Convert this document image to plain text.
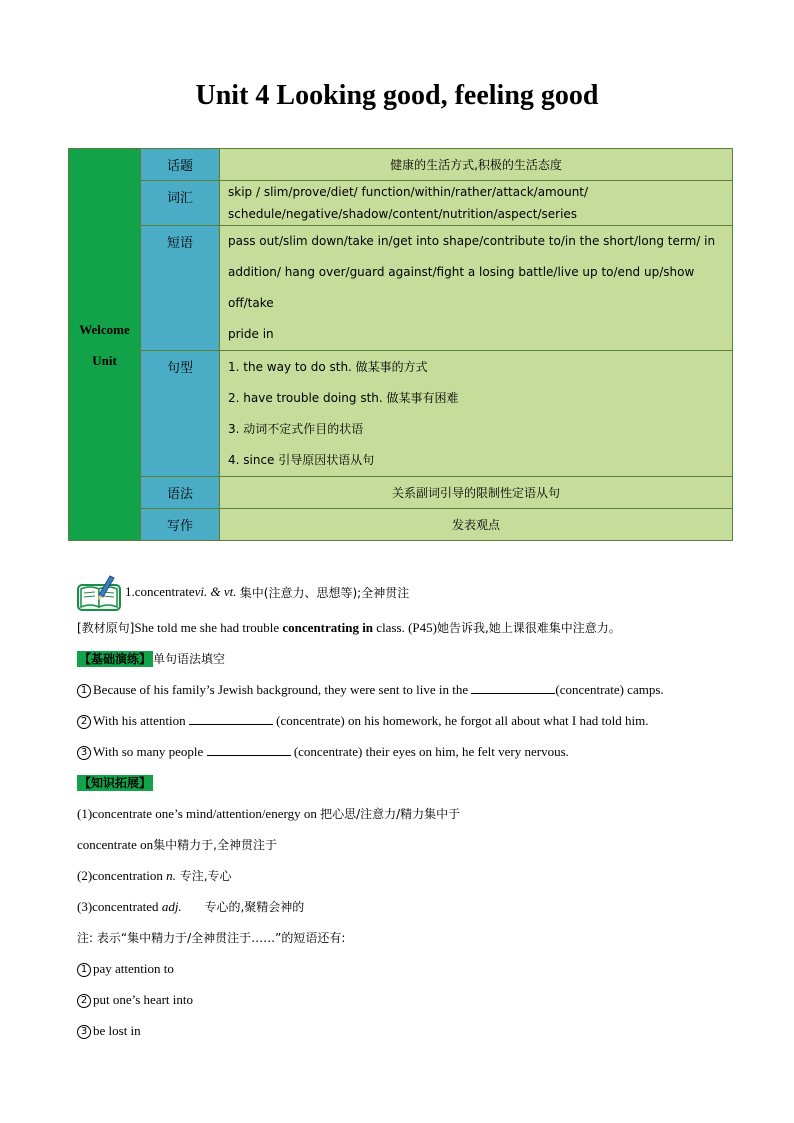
Unit 4 Looking good, feeling good
Welcome
Unit	话题	健康的生活方式,积极的生活态度

	词汇	skip / slim/prove/diet/ function/within/rather/attack/amount/
schedule/negative/shadow/content/nutrition/aspect/series

	短语	pass out/slim down/take in/get into shape/contribute to/in the short/long term/ in
addition/ hang over/guard against/fight a losing battle/live up to/end up/show off/take
pride in

	句型	1. the way to do sth. 做某事的方式
2. have trouble doing sth. 做某事有困难
3. 动词不定式作目的状语
4. since 引导原因状语从句

	语法	关系副词引导的限制性定语从句

	写作	发表观点
1.concentrate vi. & vt.
集中(注意力、思想等);全神贯注
[教材原句]She told me she had trouble concentrating in class. (P45)她告诉我,她上课很难集中注意力。
【基础演练】 单句语法填空
1 Because of his family’s Jewish background, they were sent to live in the	(concentrate) camps.
2 With his attention	(concentrate) on his homework, he forgot all about what I had told him.
3 With so many people	(concentrate) their eyes on him, he felt very nervous.
【知识拓展】
(1)concentrate one’s mind/attention/energy on 把心思/注意力/精力集中于
concentrate on集中精力于,全神贯注于
(2)concentration n. 专注,专心
(3)concentrated adj. 专心的,聚精会神的
注: 表示“集中精力于/全神贯注于……”的短语还有:
1 pay attention to
2 put one’s heart into
3 be lost in
